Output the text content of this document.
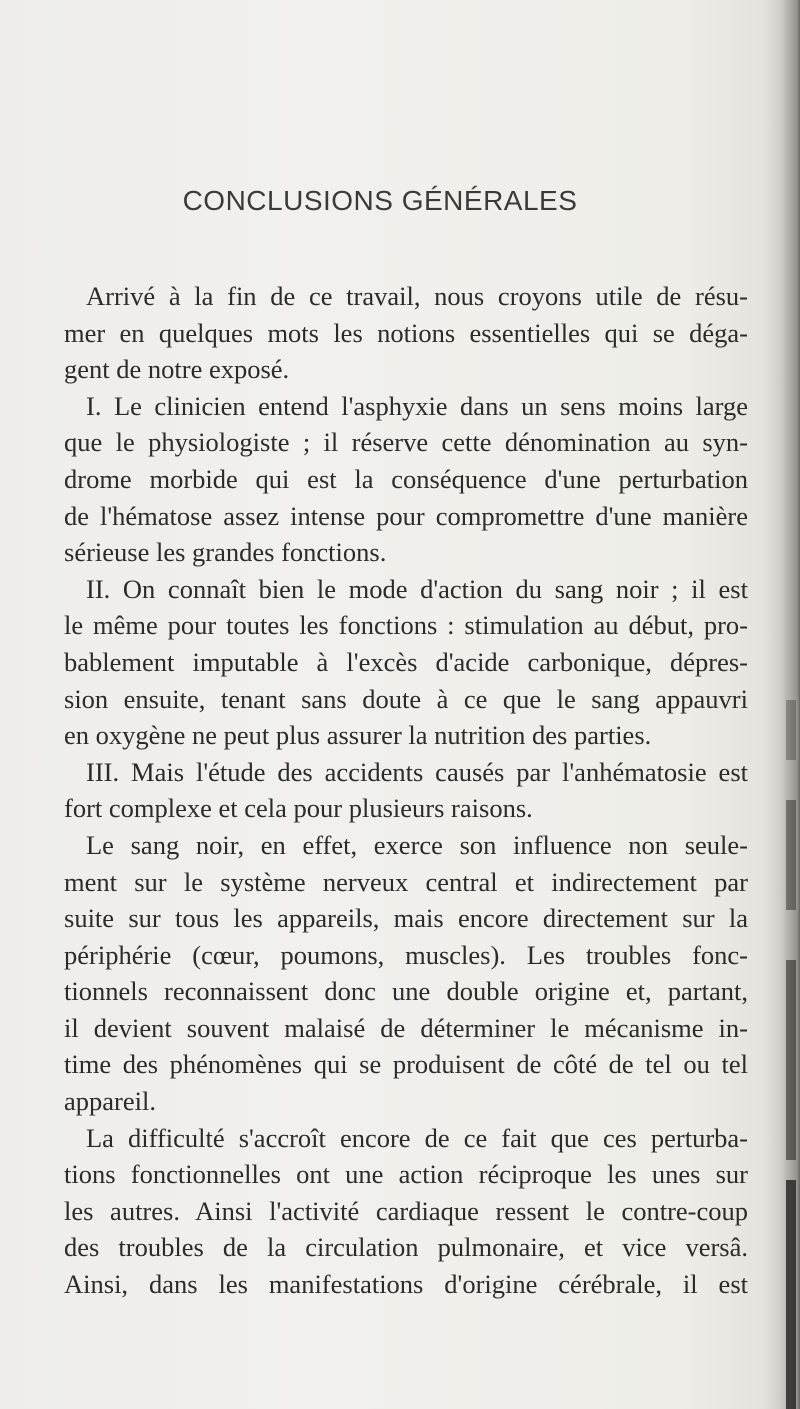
CONCLUSIONS GÉNÉRALES
Arrivé à la fin de ce travail, nous croyons utile de résu-
mer en quelques mots les notions essentielles qui se déga-
gent de notre exposé.
I. Le clinicien entend l'asphyxie dans un sens moins large
que le physiologiste ; il réserve cette dénomination au syn-
drome morbide qui est la conséquence d'une perturbation
de l'hématose assez intense pour compromettre d'une manière
sérieuse les grandes fonctions.
II. On connaît bien le mode d'action du sang noir ; il est
le même pour toutes les fonctions : stimulation au début, pro-
bablement imputable à l'excès d'acide carbonique, dépres-
sion ensuite, tenant sans doute à ce que le sang appauvri
en oxygène ne peut plus assurer la nutrition des parties.
III. Mais l'étude des accidents causés par l'anhématosie est
fort complexe et cela pour plusieurs raisons.
Le sang noir, en effet, exerce son influence non seule-
ment sur le système nerveux central et indirectement par
suite sur tous les appareils, mais encore directement sur la
périphérie (cœur, poumons, muscles). Les troubles fonc-
tionnels reconnaissent donc une double origine et, partant,
il devient souvent malaisé de déterminer le mécanisme in-
time des phénomènes qui se produisent de côté de tel ou tel
appareil.
La difficulté s'accroît encore de ce fait que ces perturba-
tions fonctionnelles ont une action réciproque les unes sur
les autres. Ainsi l'activité cardiaque ressent le contre-coup
des troubles de la circulation pulmonaire, et vice versâ.
Ainsi, dans les manifestations d'origine cérébrale, il est
